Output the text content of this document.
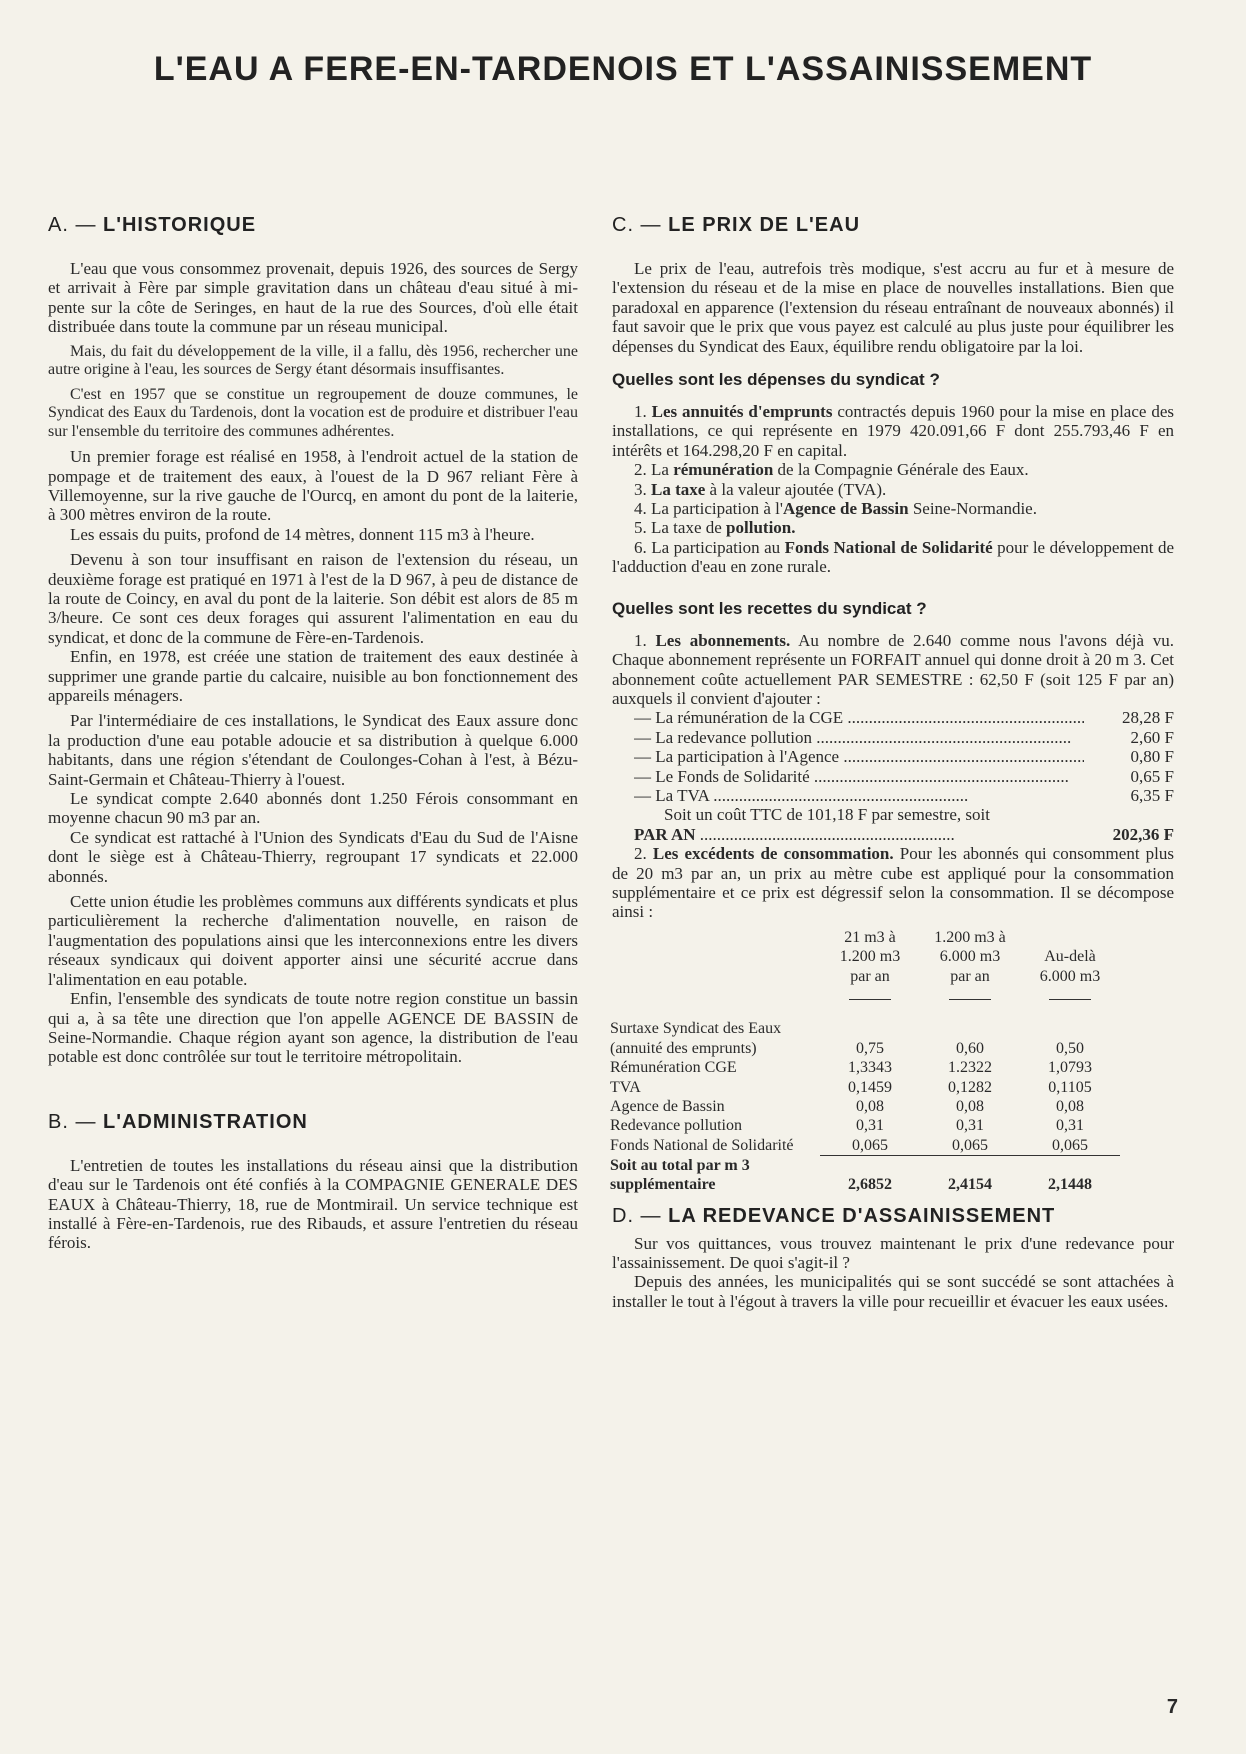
L'EAU A FERE-EN-TARDENOIS ET L'ASSAINISSEMENT
A. — L'HISTORIQUE

L'eau que vous consommez provenait, depuis 1926, des sources de Sergy et arrivait à Fère par simple gravitation dans un château d'eau situé à mi-pente sur la côte de Seringes, en haut de la rue des Sources, d'où elle était distribuée dans toute la commune par un réseau municipal.

Mais, du fait du développement de la ville, il a fallu, dès 1956, rechercher une autre origine à l'eau, les sources de Sergy étant désormais insuffisantes.

C'est en 1957 que se constitue un regroupement de douze communes, le Syndicat des Eaux du Tardenois, dont la vocation est de produire et distribuer l'eau sur l'ensemble du territoire des communes adhérentes.

Un premier forage est réalisé en 1958, à l'endroit actuel de la station de pompage et de traitement des eaux, à l'ouest de la D 967 reliant Fère à Villemoyenne, sur la rive gauche de l'Ourcq, en amont du pont de la laiterie, à 300 mètres environ de la route.

Les essais du puits, profond de 14 mètres, donnent 115 m3 à l'heure.

Devenu à son tour insuffisant en raison de l'extension du réseau, un deuxième forage est pratiqué en 1971 à l'est de la D 967, à peu de distance de la route de Coincy, en aval du pont de la laiterie. Son débit est alors de 85 m 3/heure. Ce sont ces deux forages qui assurent l'alimentation en eau du syndicat, et donc de la commune de Fère-en-Tardenois.

Enfin, en 1978, est créée une station de traitement des eaux destinée à supprimer une grande partie du calcaire, nuisible au bon fonctionnement des appareils ménagers.

Par l'intermédiaire de ces installations, le Syndicat des Eaux assure donc la production d'une eau potable adoucie et sa distribution à quelque 6.000 habitants, dans une région s'étendant de Coulonges-Cohan à l'est, à Bézu-Saint-Germain et Château-Thierry à l'ouest.

Le syndicat compte 2.640 abonnés dont 1.250 Férois consommant en moyenne chacun 90 m3 par an.

Ce syndicat est rattaché à l'Union des Syndicats d'Eau du Sud de l'Aisne dont le siège est à Château-Thierry, regroupant 17 syndicats et 22.000 abonnés.

Cette union étudie les problèmes communs aux différents syndicats et plus particulièrement la recherche d'alimentation nouvelle, en raison de l'augmentation des populations ainsi que les interconnexions entre les divers réseaux syndicaux qui doivent apporter ainsi une sécurité accrue dans l'alimentation en eau potable.

Enfin, l'ensemble des syndicats de toute notre region constitue un bassin qui a, à sa tête une direction que l'on appelle AGENCE DE BASSIN de Seine-Normandie. Chaque région ayant son agence, la distribution de l'eau potable est donc contrôlée sur tout le territoire métropolitain.

B. — L'ADMINISTRATION

L'entretien de toutes les installations du réseau ainsi que la distribution d'eau sur le Tardenois ont été confiés à la COMPAGNIE GENERALE DES EAUX à Château-Thierry, 18, rue de Montmirail. Un service technique est installé à Fère-en-Tardenois, rue des Ribauds, et assure l'entretien du réseau férois.

C. — LE PRIX DE L'EAU

Le prix de l'eau, autrefois très modique, s'est accru au fur et à mesure de l'extension du réseau et de la mise en place de nouvelles installations. Bien que paradoxal en apparence (l'extension du réseau entraînant de nouveaux abonnés) il faut savoir que le prix que vous payez est calculé au plus juste pour équilibrer les dépenses du Syndicat des Eaux, équilibre rendu obligatoire par la loi.

Quelles sont les dépenses du syndicat ?

1. Les annuités d'emprunts contractés depuis 1960 pour la mise en place des installations, ce qui représente en 1979 420.091,66 F dont 255.793,46 F en intérêts et 164.298,20 F en capital.

2. La rémunération de la Compagnie Générale des Eaux.

3. La taxe à la valeur ajoutée (TVA).

4. La participation à l'Agence de Bassin Seine-Normandie.

5. La taxe de pollution.

6. La participation au Fonds National de Solidarité pour le développement de l'adduction d'eau en zone rurale.

Quelles sont les recettes du syndicat ?

1. Les abonnements. Au nombre de 2.640 comme nous l'avons déjà vu. Chaque abonnement représente un FORFAIT annuel qui donne droit à 20 m 3. Cet abonnement coûte actuellement PAR SEMESTRE : 62,50 F (soit 125 F par an) auxquels il convient d'ajouter :

— La rémunération de la CGE .....	28,28 F
— La redevance pollution .....	2,60 F
— La participation à l'Agence .....	0,80 F
— Le Fonds de Solidarité .....	0,65 F
— La TVA .....	6,35 F
Soit un coût TTC de 101,18 F par semestre, soit
PAR AN .....	202,36 F

2. Les excédents de consommation. Pour les abonnés qui consomment plus de 20 m3 par an, un prix au mètre cube est appliqué pour la consommation supplémentaire et ce prix est dégressif selon la consommation. Il se décompose ainsi :

	21 m3 à
1.200 m3
par an	1.200 m3 à
6.000 m3
par an	Au-delà
6.000 m3

Surtaxe Syndicat des Eaux (annuité des emprunts)	0,75	0,60	0,50
Rémunération CGE	1,3343	1.2322	1,0793
TVA	0,1459	0,1282	0,1105
Agence de Bassin	0,08	0,08	0,08
Redevance pollution	0,31	0,31	0,31
Fonds National de Solidarité	0,065	0,065	0,065
Soit au total par m 3
supplémentaire	2,6852	2,4154	2,1448
D. — LA REDEVANCE D'ASSAINISSEMENT

Sur vos quittances, vous trouvez maintenant le prix d'une redevance pour l'assainissement. De quoi s'agit-il ?

Depuis des années, les municipalités qui se sont succédé se sont attachées à installer le tout à l'égout à travers la ville pour recueillir et évacuer les eaux usées.

7
